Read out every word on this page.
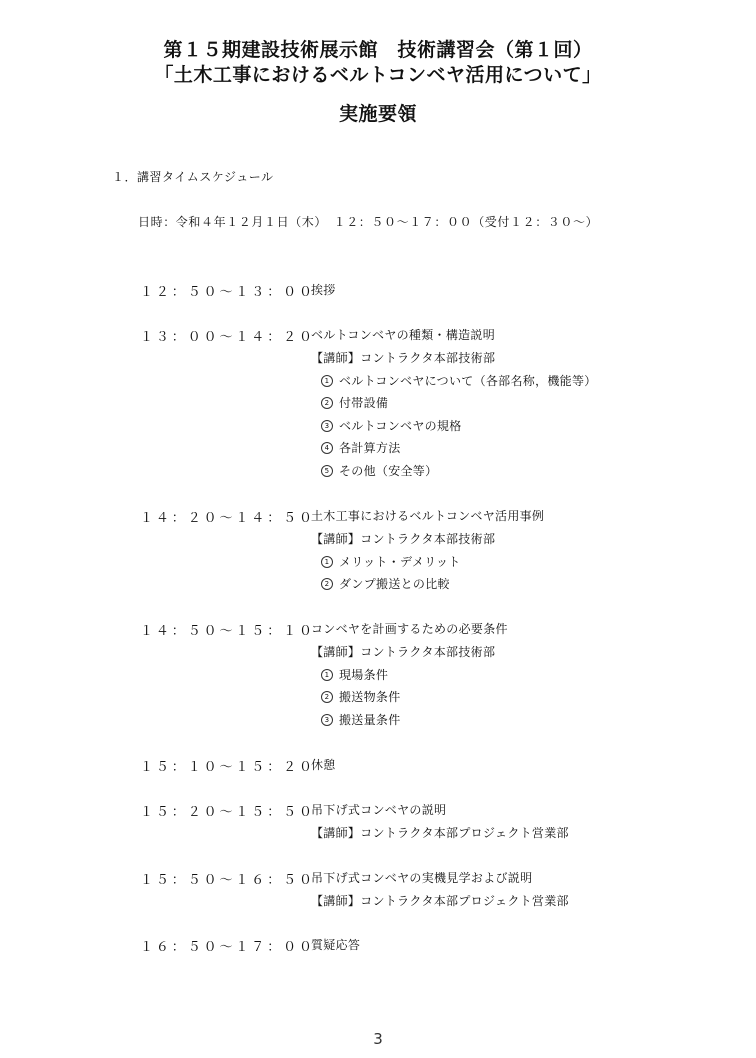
第１５期建設技術展示館　技術講習会（第１回）
「土木工事におけるベルトコンベヤ活用について」
実施要領
１．講習タイムスケジュール
日時：令和４年１２月１日（木）　１２：５０～１７：００（受付１２：３０～）
１２：５０～１３：００
挨拶
１３：００～１４：２０
ベルトコンベヤの種類・構造説明
【講師】コントラクタ本部技術部
1 ベルトコンベヤについて（各部名称，機能等）
2 付帯設備
3 ベルトコンベヤの規格
4 各計算方法
5 その他（安全等）
１４：２０～１４：５０
土木工事におけるベルトコンベヤ活用事例
【講師】コントラクタ本部技術部
1 メリット・デメリット
2 ダンプ搬送との比較
１４：５０～１５：１０
コンベヤを計画するための必要条件
【講師】コントラクタ本部技術部
1 現場条件
2 搬送物条件
3 搬送量条件
１５：１０～１５：２０
休憩
１５：２０～１５：５０
吊下げ式コンベヤの説明
【講師】コントラクタ本部プロジェクト営業部
１５：５０～１６：５０
吊下げ式コンベヤの実機見学および説明
【講師】コントラクタ本部プロジェクト営業部
１６：５０～１７：００
質疑応答
3
